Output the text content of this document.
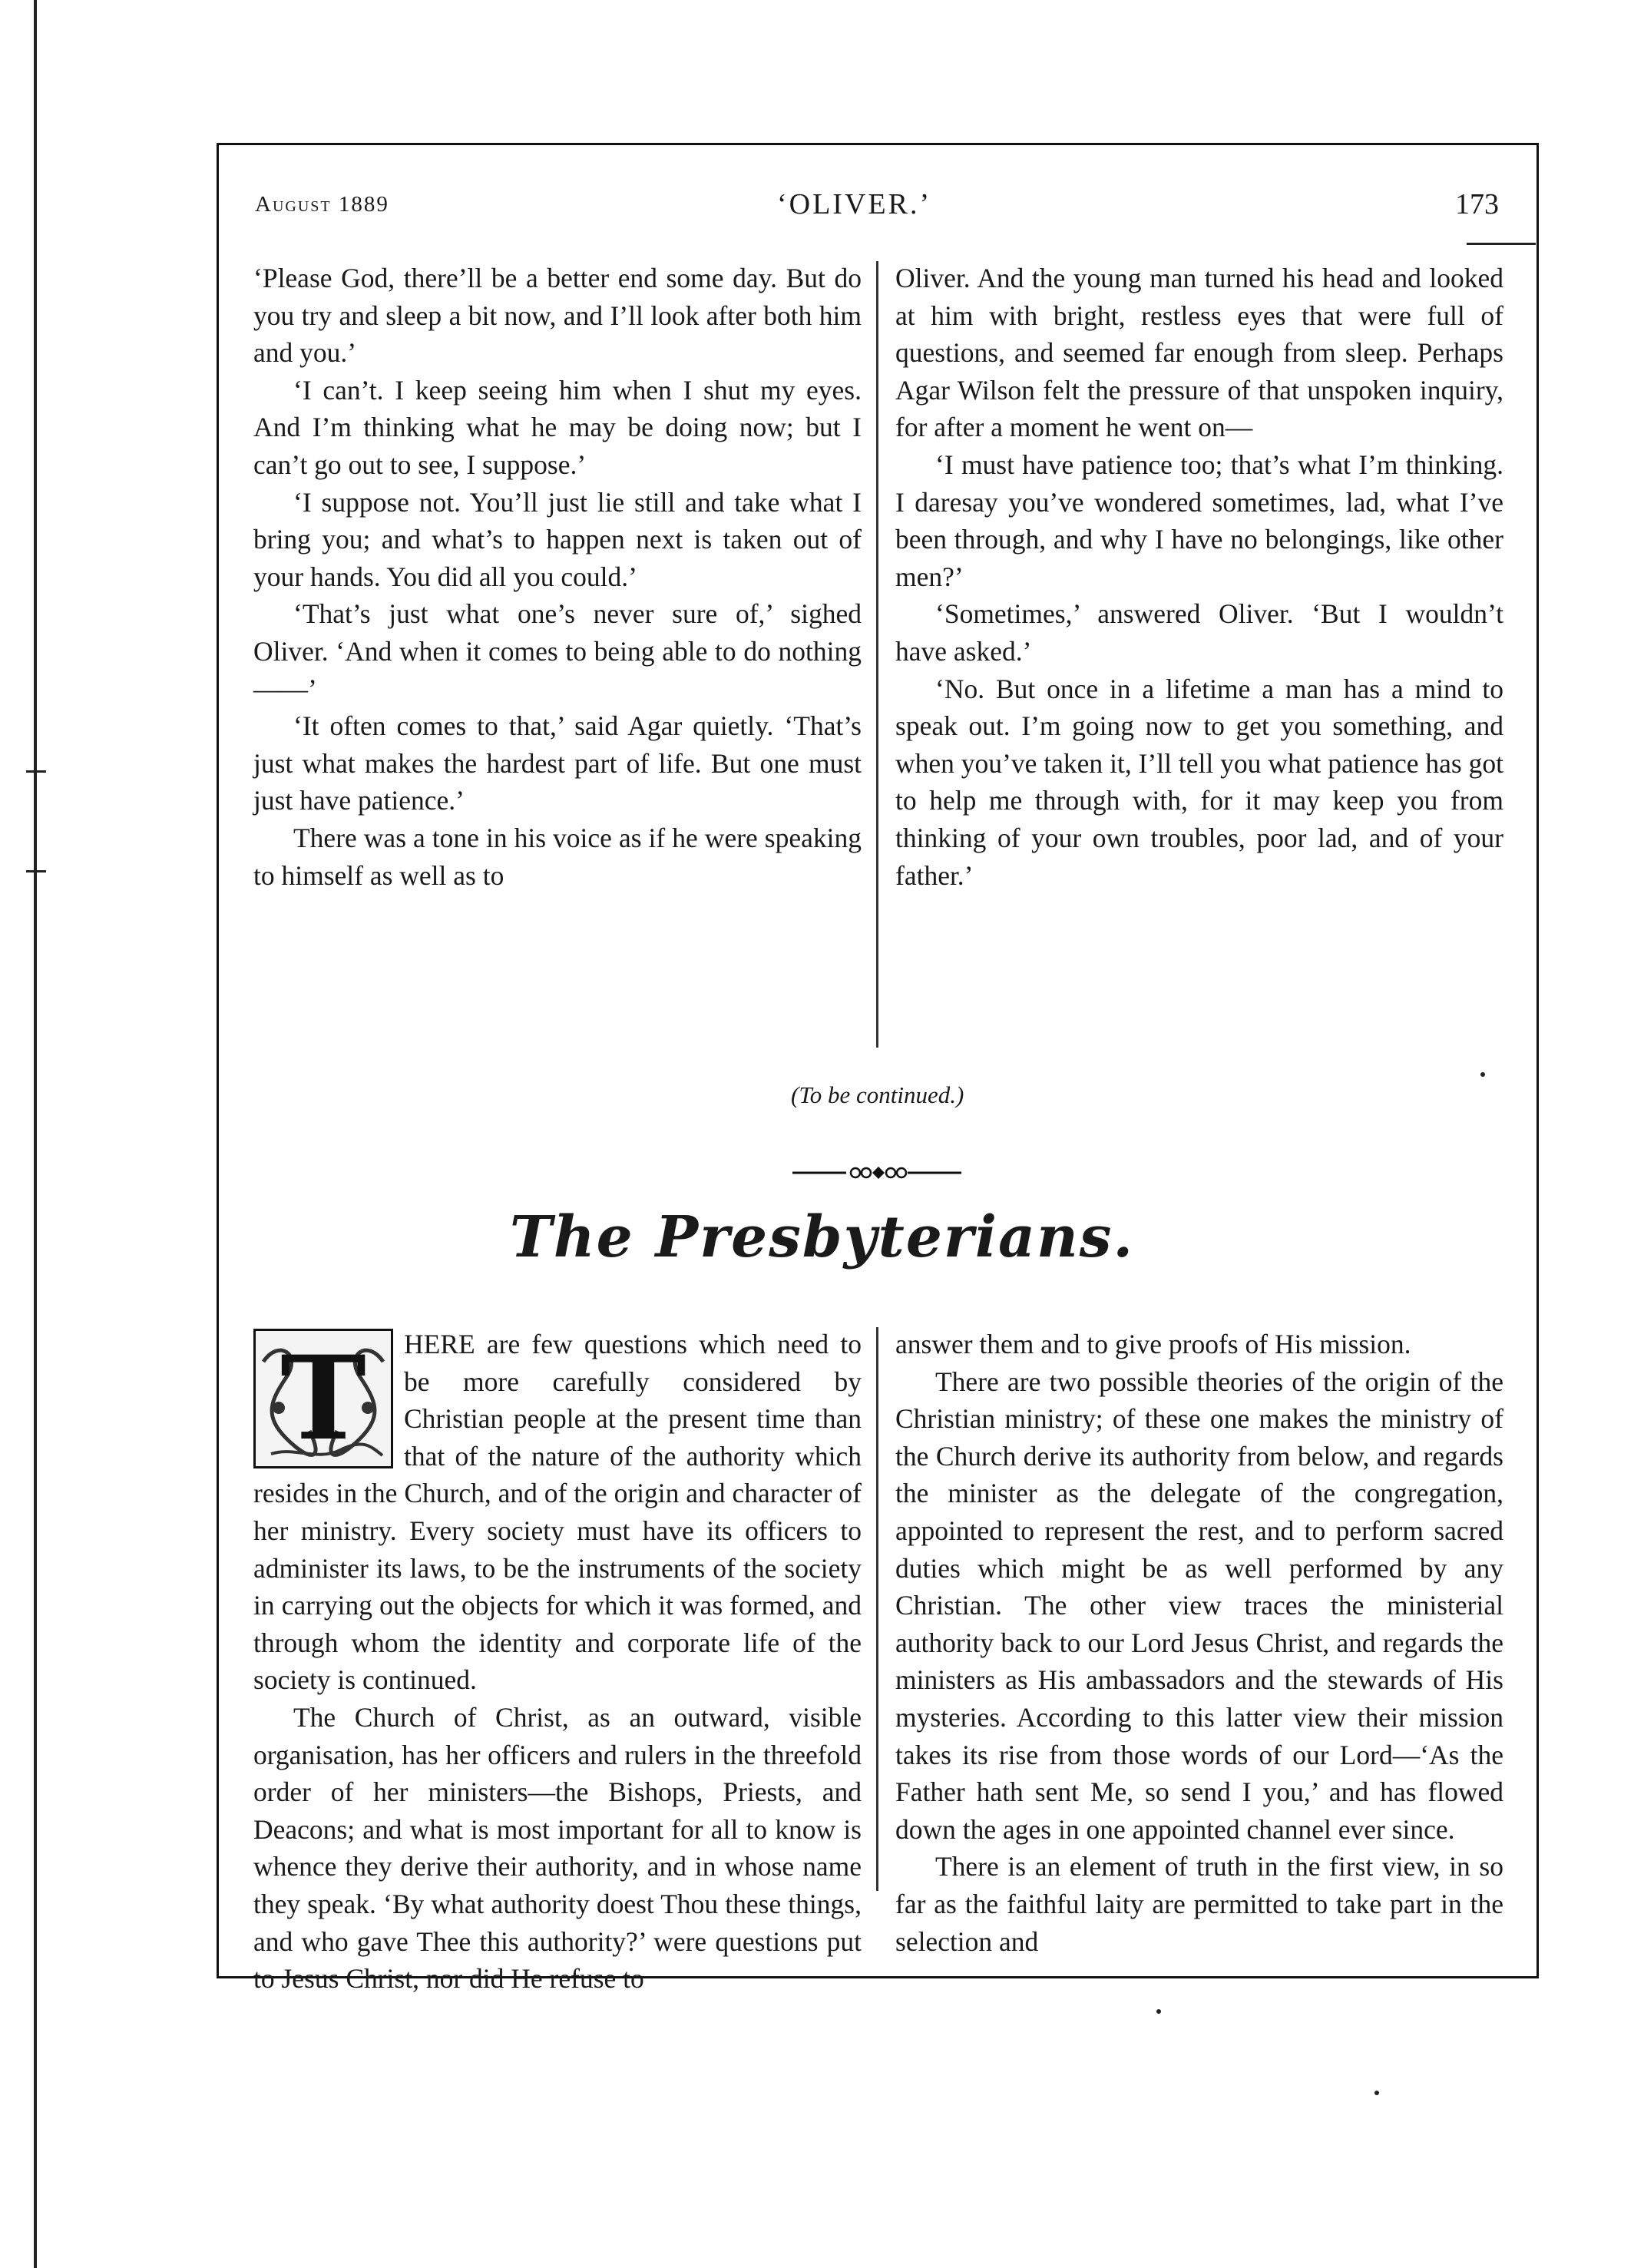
August 1889	‘OLIVER.’	173

‘Please God, there’ll be a better end some day. But do you try and sleep a bit now, and I’ll look after both him and you.’

‘I can’t. I keep seeing him when I shut my eyes. And I’m thinking what he may be doing now; but I can’t go out to see, I suppose.’

‘I suppose not. You’ll just lie still and take what I bring you; and what’s to happen next is taken out of your hands. You did all you could.’

‘That’s just what one’s never sure of,’ sighed Oliver. ‘And when it comes to being able to do nothing——’

‘It often comes to that,’ said Agar quietly. ‘That’s just what makes the hardest part of life. But one must just have patience.’

There was a tone in his voice as if he were speaking to himself as well as to

Oliver. And the young man turned his head and looked at him with bright, restless eyes that were full of questions, and seemed far enough from sleep. Perhaps Agar Wilson felt the pressure of that unspoken inquiry, for after a moment he went on—

‘I must have patience too; that’s what I’m thinking. I daresay you’ve wondered sometimes, lad, what I’ve been through, and why I have no belongings, like other men?’

‘Sometimes,’ answered Oliver. ‘But I wouldn’t have asked.’

‘No. But once in a lifetime a man has a mind to speak out. I’m going now to get you something, and when you’ve taken it, I’ll tell you what patience has got to help me through with, for it may keep you from thinking of your own troubles, poor lad, and of your father.’

(To be continued.)
The Presbyterians.
T	HERE are few questions which need to be more carefully considered by Christian people at the present time than that of the nature of the authority which resides in the Church, and of the origin and character of her ministry. Every society must have its officers to administer its laws, to be the instruments of the society in carrying out the objects for which it was formed, and through whom the identity and corporate life of the society is continued.

The Church of Christ, as an outward, visible organisation, has her officers and rulers in the threefold order of her ministers—the Bishops, Priests, and Deacons; and what is most important for all to know is whence they derive their authority, and in whose name they speak. ‘By what authority doest Thou these things, and who gave Thee this authority?’ were questions put to Jesus Christ, nor did He refuse to

answer them and to give proofs of His mission.

There are two possible theories of the origin of the Christian ministry; of these one makes the ministry of the Church derive its authority from below, and regards the minister as the delegate of the congregation, appointed to represent the rest, and to perform sacred duties which might be as well performed by any Christian. The other view traces the ministerial authority back to our Lord Jesus Christ, and regards the ministers as His ambassadors and the stewards of His mysteries. According to this latter view their mission takes its rise from those words of our Lord—‘As the Father hath sent Me, so send I you,’ and has flowed down the ages in one appointed channel ever since.

There is an element of truth in the first view, in so far as the faithful laity are permitted to take part in the selection and
